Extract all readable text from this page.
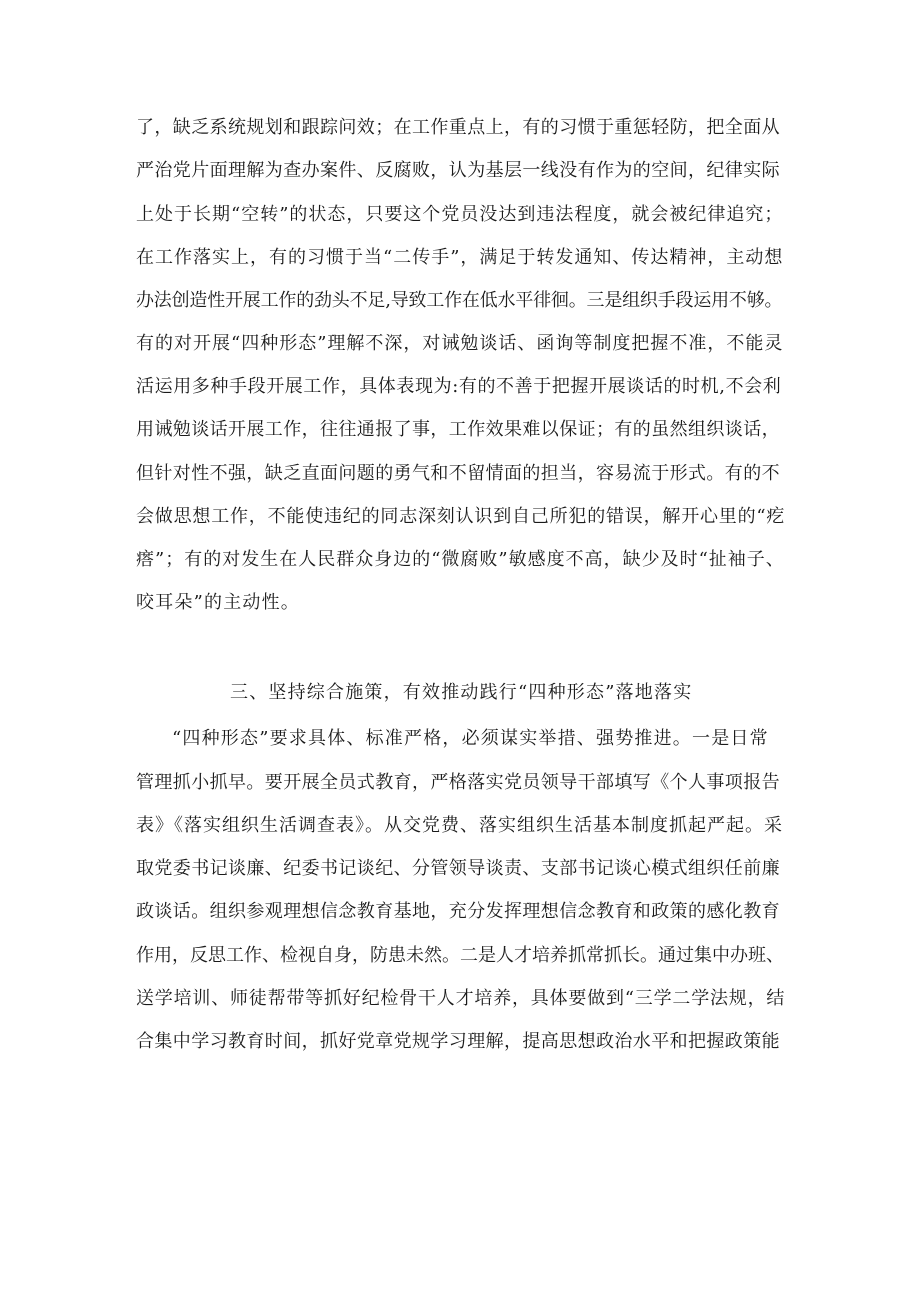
了，缺乏系统规划和跟踪问效；在工作重点上，有的习惯于重惩轻防，把全面从
严治党片面理解为查办案件、反腐败，认为基层一线没有作为的空间，纪律实际
上处于长期“空转”的状态，只要这个党员没达到违法程度，就会被纪律追究；
在工作落实上，有的习惯于当“二传手”，满足于转发通知、传达精神，主动想
办法创造性开展工作的劲头不足,导致工作在低水平徘徊。三是组织手段运用不够。
有的对开展“四种形态”理解不深，对诫勉谈话、函询等制度把握不准，不能灵
活运用多种手段开展工作，具体表现为:有的不善于把握开展谈话的时机,不会利
用诫勉谈话开展工作，往往通报了事，工作效果难以保证；有的虽然组织谈话，
但针对性不强，缺乏直面问题的勇气和不留情面的担当，容易流于形式。有的不
会做思想工作，不能使违纪的同志深刻认识到自己所犯的错误，解开心里的“疙
瘩”；有的对发生在人民群众身边的“微腐败”敏感度不高，缺少及时“扯袖子、
咬耳朵”的主动性。
三、坚持综合施策，有效推动践行“四种形态”落地落实
“四种形态”要求具体、标准严格，必须谋实举措、强势推进。一是日常
管理抓小抓早。要开展全员式教育，严格落实党员领导干部填写《个人事项报告
表》《落实组织生活调查表》。从交党费、落实组织生活基本制度抓起严起。采
取党委书记谈廉、纪委书记谈纪、分管领导谈责、支部书记谈心模式组织任前廉
政谈话。组织参观理想信念教育基地，充分发挥理想信念教育和政策的感化教育
作用，反思工作、检视自身，防患未然。二是人才培养抓常抓长。通过集中办班、
送学培训、师徒帮带等抓好纪检骨干人才培养，具体要做到“三学二学法规，结
合集中学习教育时间，抓好党章党规学习理解，提高思想政治水平和把握政策能
